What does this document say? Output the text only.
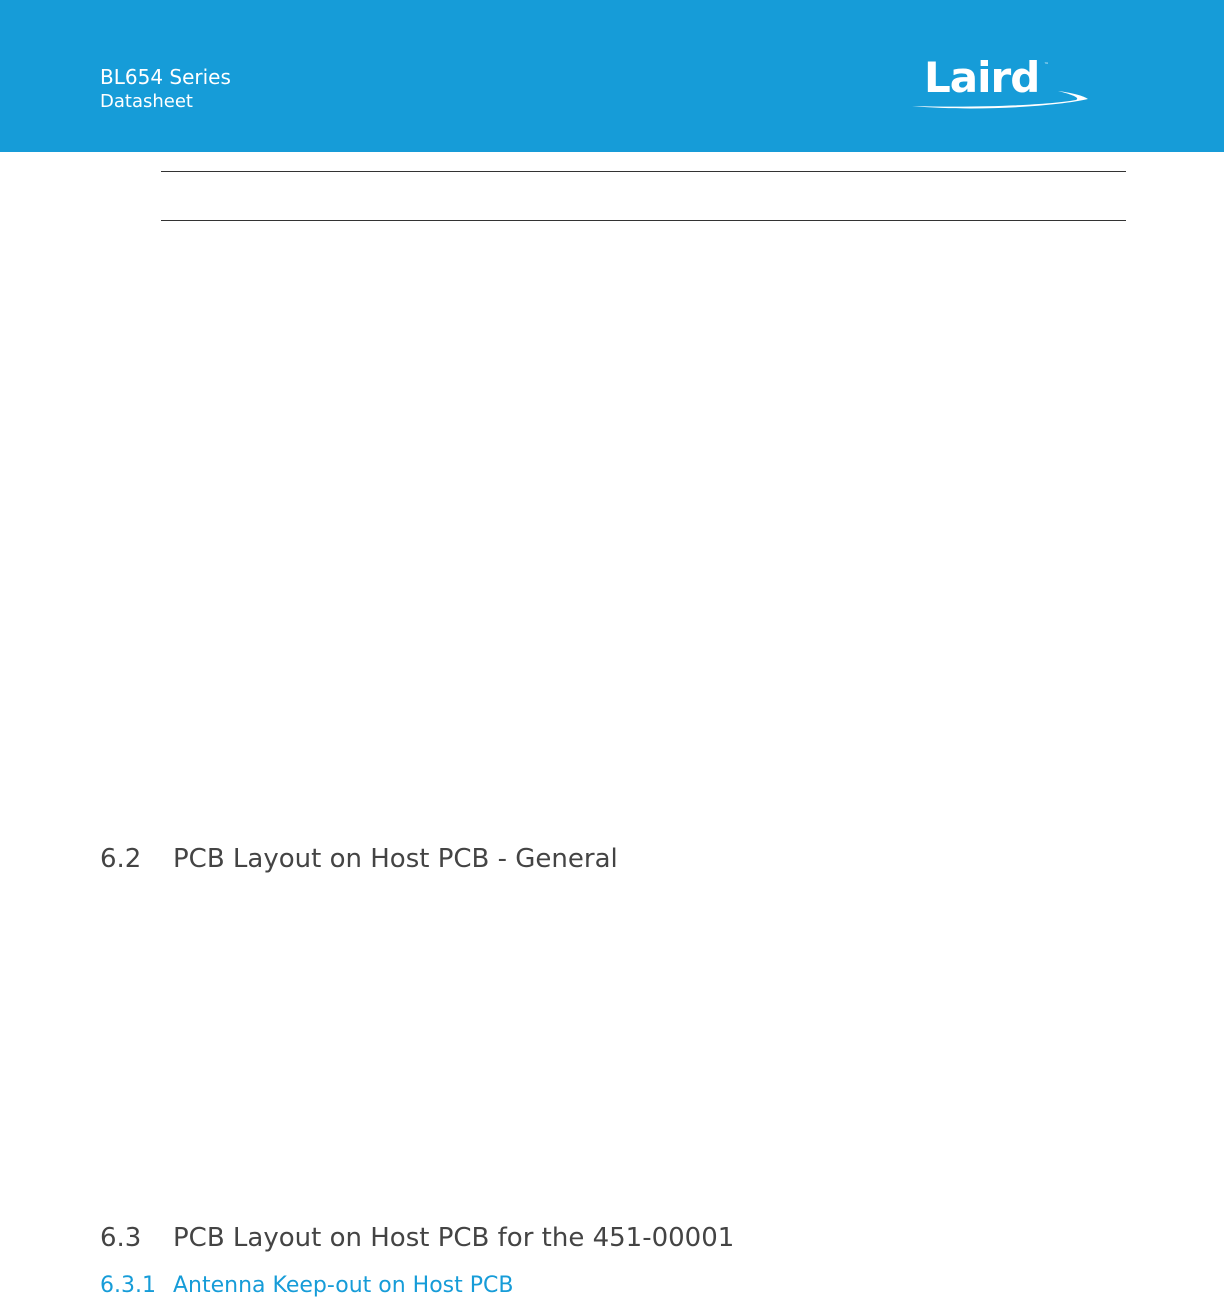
BL654 Series
Datasheet	Laird ™
6.2 PCB Layout on Host PCB - General
6.3 PCB Layout on Host PCB for the 451-00001
6.3.1 Antenna Keep-out on Host PCB
